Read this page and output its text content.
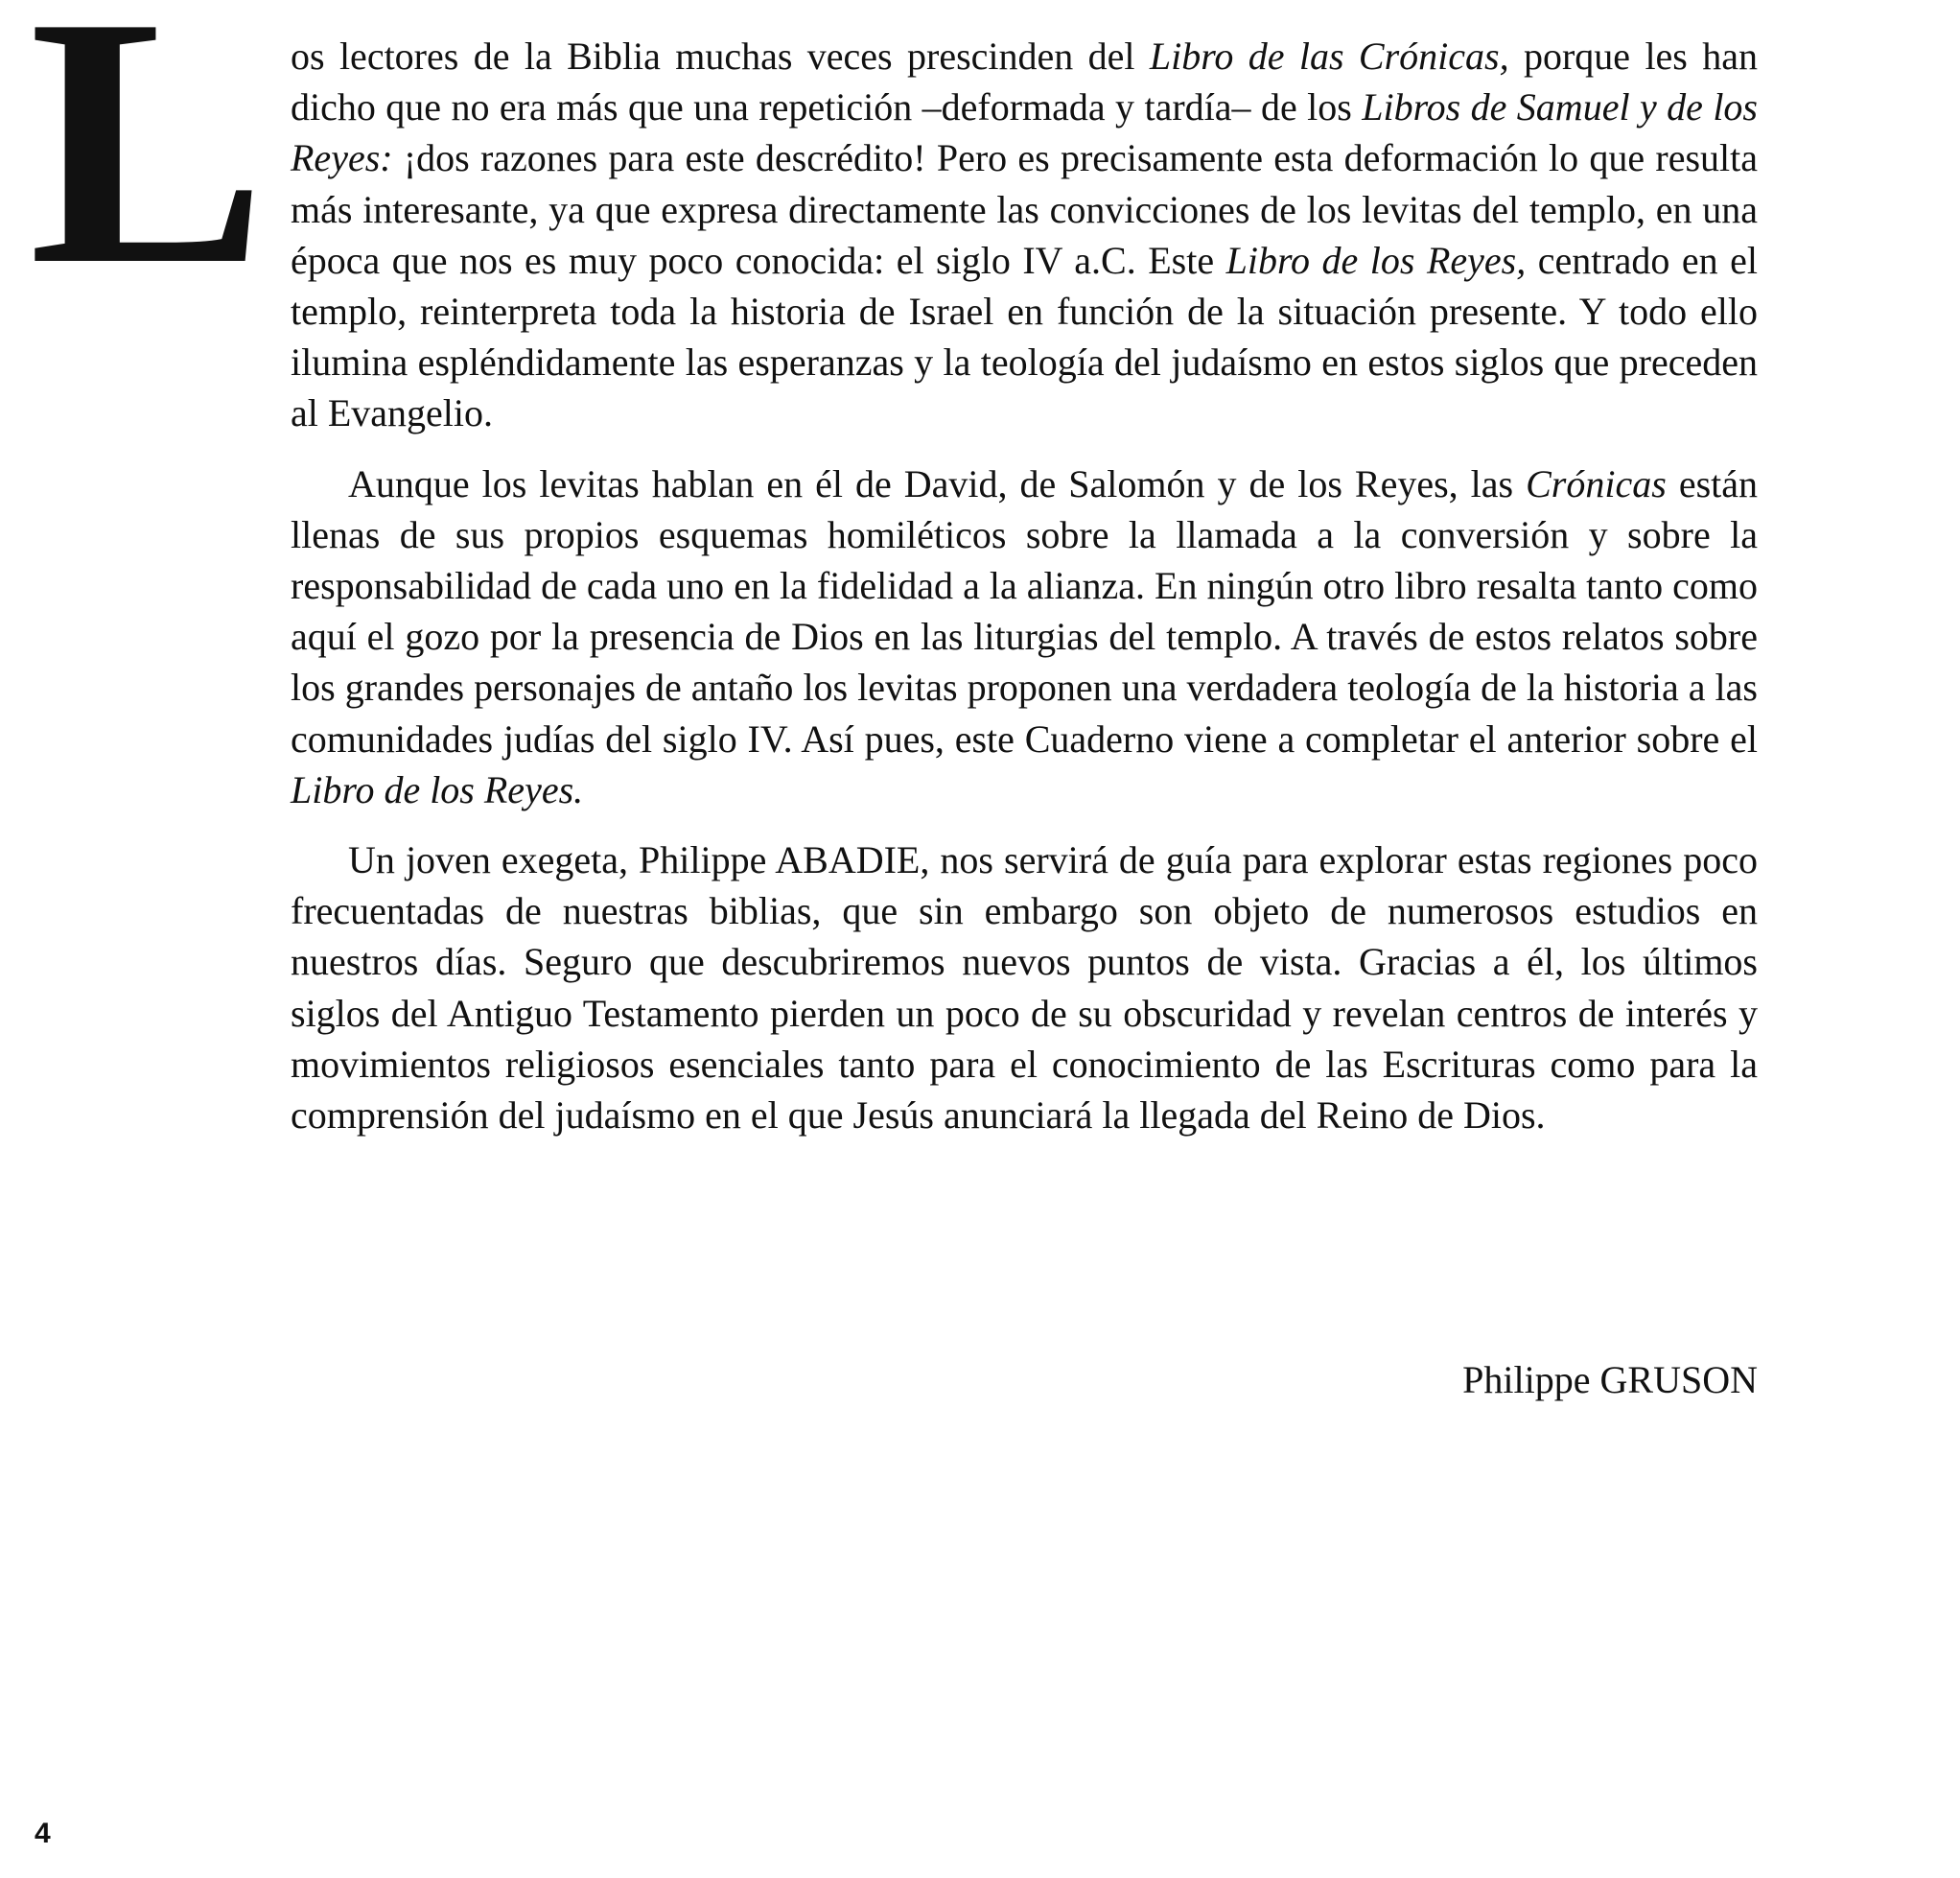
L os lectores de la Biblia muchas veces prescinden del Libro de las Crónicas, porque les han dicho que no era más que una repetición –deformada y tardía– de los Libros de Samuel y de los Reyes: ¡dos razones para este descrédito! Pero es precisamente esta deformación lo que resulta más interesante, ya que expresa directamente las convicciones de los levitas del templo, en una época que nos es muy poco conocida: el siglo IV a.C. Este Libro de los Reyes, centrado en el templo, reinterpreta toda la historia de Israel en función de la situación presente. Y todo ello ilumina espléndidamente las esperanzas y la teología del judaísmo en estos siglos que preceden al Evangelio.

Aunque los levitas hablan en él de David, de Salomón y de los Reyes, las Crónicas están llenas de sus propios esquemas homiléticos sobre la llamada a la conversión y sobre la responsabilidad de cada uno en la fidelidad a la alianza. En ningún otro libro resalta tanto como aquí el gozo por la presencia de Dios en las liturgias del templo. A través de estos relatos sobre los grandes personajes de antaño los levitas proponen una verdadera teología de la historia a las comunidades judías del siglo IV. Así pues, este Cuaderno viene a completar el anterior sobre el Libro de los Reyes.

Un joven exegeta, Philippe ABADIE, nos servirá de guía para explorar estas regiones poco frecuentadas de nuestras biblias, que sin embargo son objeto de numerosos estudios en nuestros días. Seguro que descubriremos nuevos puntos de vista. Gracias a él, los últimos siglos del Antiguo Testamento pierden un poco de su obscuridad y revelan centros de interés y movimientos religiosos esenciales tanto para el conocimiento de las Escrituras como para la comprensión del judaísmo en el que Jesús anunciará la llegada del Reino de Dios.

Philippe GRUSON
4
